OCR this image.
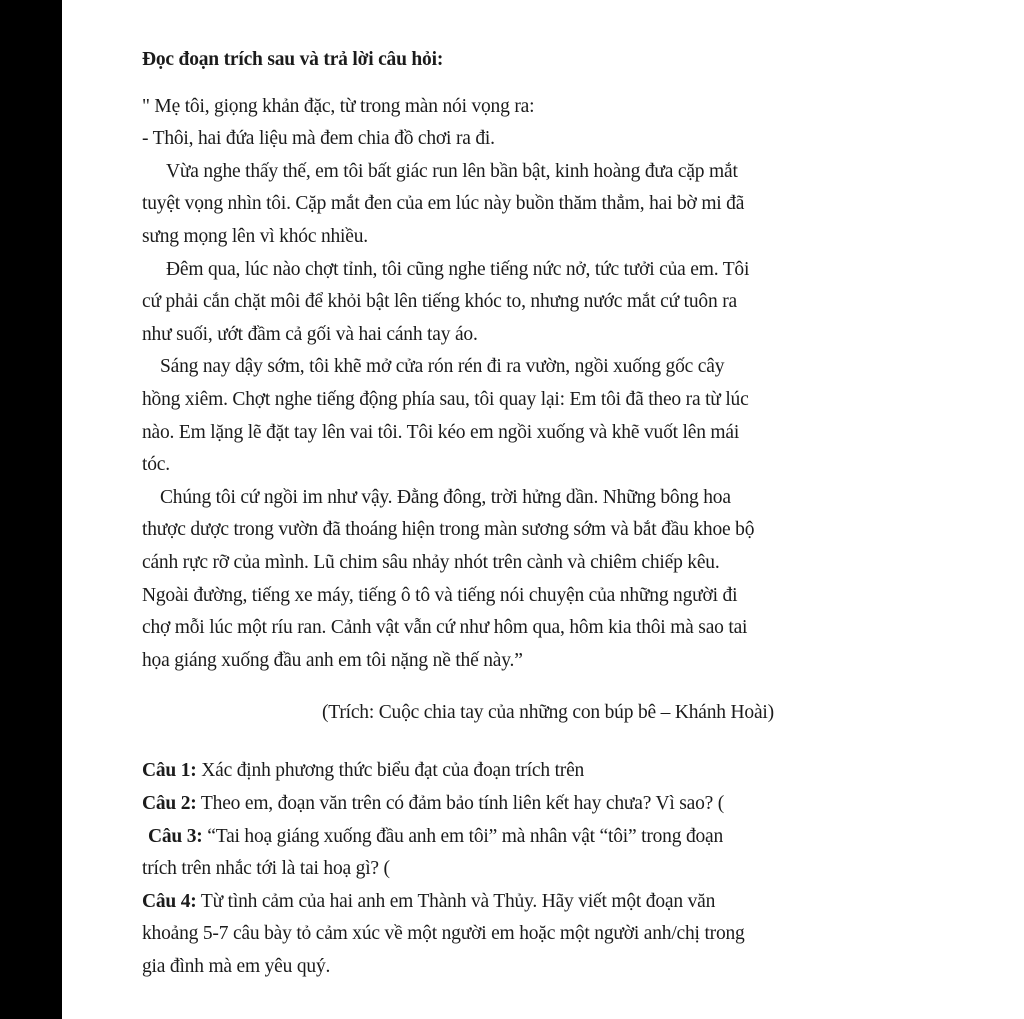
Đọc đoạn trích sau và trả lời câu hỏi:

" Mẹ tôi, giọng khản đặc, từ trong màn nói vọng ra:

- Thôi, hai đứa liệu mà đem chia đồ chơi ra đi.

Vừa nghe thấy thế, em tôi bất giác run lên bần bật, kinh hoàng đưa cặp mắt

tuyệt vọng nhìn tôi. Cặp mắt đen của em lúc này buồn thăm thẳm, hai bờ mi đã

sưng mọng lên vì khóc nhiều.

Đêm qua, lúc nào chợt tỉnh, tôi cũng nghe tiếng nức nở, tức tưởi của em. Tôi

cứ phải cắn chặt môi để khỏi bật lên tiếng khóc to, nhưng nước mắt cứ tuôn ra

như suối, ướt đầm cả gối và hai cánh tay áo.

Sáng nay dậy sớm, tôi khẽ mở cửa rón rén đi ra vườn, ngồi xuống gốc cây

hồng xiêm. Chợt nghe tiếng động phía sau, tôi quay lại: Em tôi đã theo ra từ lúc

nào. Em lặng lẽ đặt tay lên vai tôi. Tôi kéo em ngồi xuống và khẽ vuốt lên mái

tóc.

Chúng tôi cứ ngồi im như vậy. Đằng đông, trời hửng dần. Những bông hoa

thược dược trong vườn đã thoáng hiện trong màn sương sớm và bắt đầu khoe bộ

cánh rực rỡ của mình. Lũ chim sâu nhảy nhót trên cành và chiêm chiếp kêu.

Ngoài đường, tiếng xe máy, tiếng ô tô và tiếng nói chuyện của những người đi

chợ mỗi lúc một ríu ran. Cảnh vật vẫn cứ như hôm qua, hôm kia thôi mà sao tai

họa giáng xuống đầu anh em tôi nặng nề thế này.”

(Trích: Cuộc chia tay của những con búp bê – Khánh Hoài)

Câu 1: Xác định phương thức biểu đạt của đoạn trích trên

Câu 2: Theo em, đoạn văn trên có đảm bảo tính liên kết hay chưa? Vì sao? (

Câu 3: “Tai hoạ giáng xuống đầu anh em tôi” mà nhân vật “tôi” trong đoạn

trích trên nhắc tới là tai hoạ gì? (

Câu 4: Từ tình cảm của hai anh em Thành và Thủy. Hãy viết một đoạn văn

khoảng 5-7 câu bày tỏ cảm xúc về một người em hoặc một người anh/chị trong

gia đình mà em yêu quý.
